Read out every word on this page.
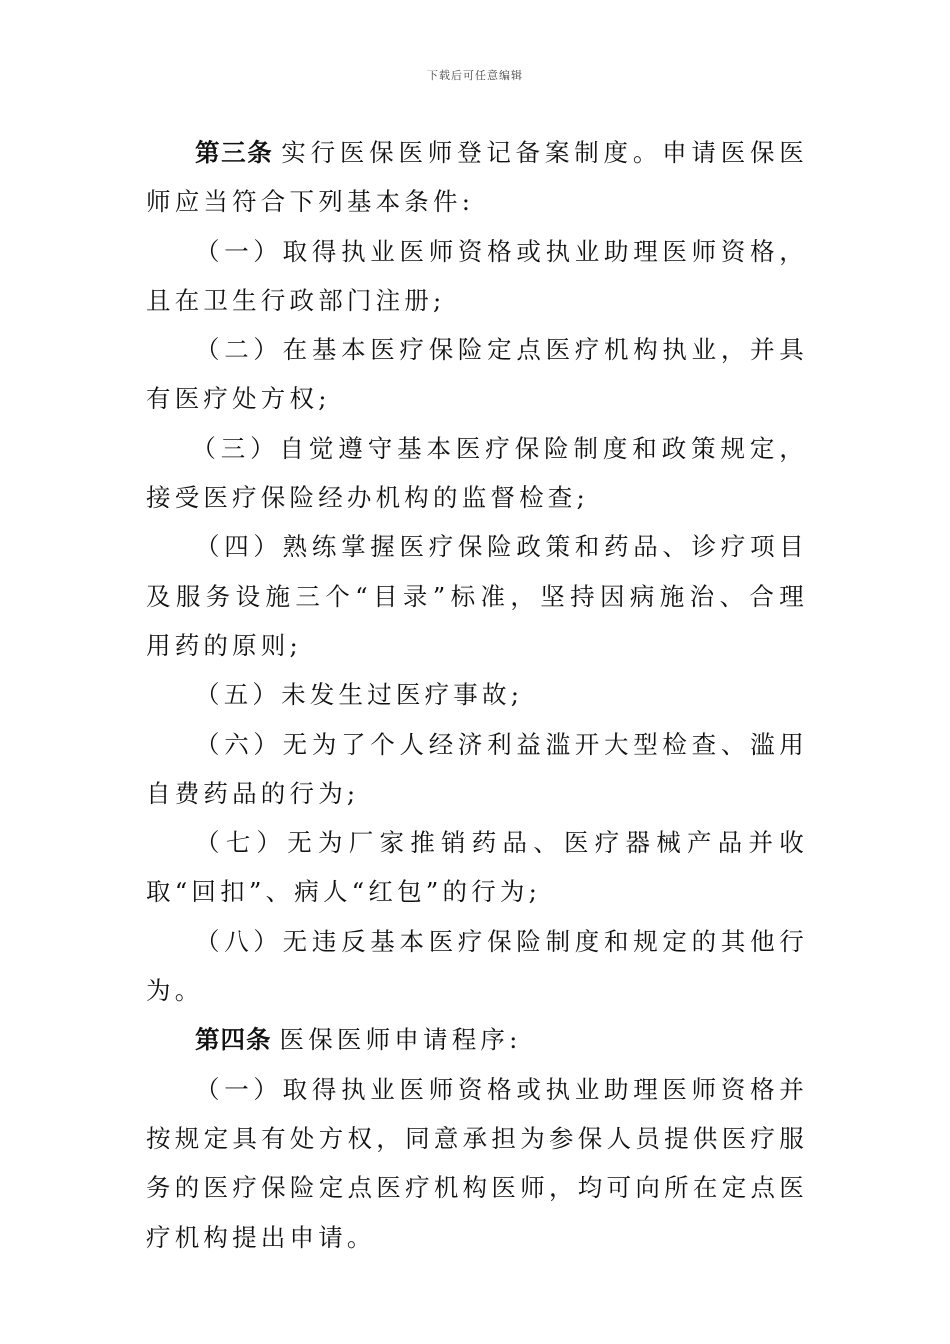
下载后可任意编辑

第三条 实行医保医师登记备案制度。申请医保医师应当符合下列基本条件:

（一）取得执业医师资格或执业助理医师资格，且在卫生行政部门注册;

（二）在基本医疗保险定点医疗机构执业，并具有医疗处方权;

（三）自觉遵守基本医疗保险制度和政策规定，接受医疗保险经办机构的监督检查;

（四）熟练掌握医疗保险政策和药品、诊疗项目及服务设施三个“目录”标准，坚持因病施治、合理用药的原则;

（五）未发生过医疗事故;

（六）无为了个人经济利益滥开大型检查、滥用自费药品的行为;

（七）无为厂家推销药品、医疗器械产品并收取“回扣”、病人“红包”的行为;

（八）无违反基本医疗保险制度和规定的其他行为。

第四条 医保医师申请程序:

（一）取得执业医师资格或执业助理医师资格并按规定具有处方权，同意承担为参保人员提供医疗服务的医疗保险定点医疗机构医师，均可向所在定点医疗机构提出申请。
